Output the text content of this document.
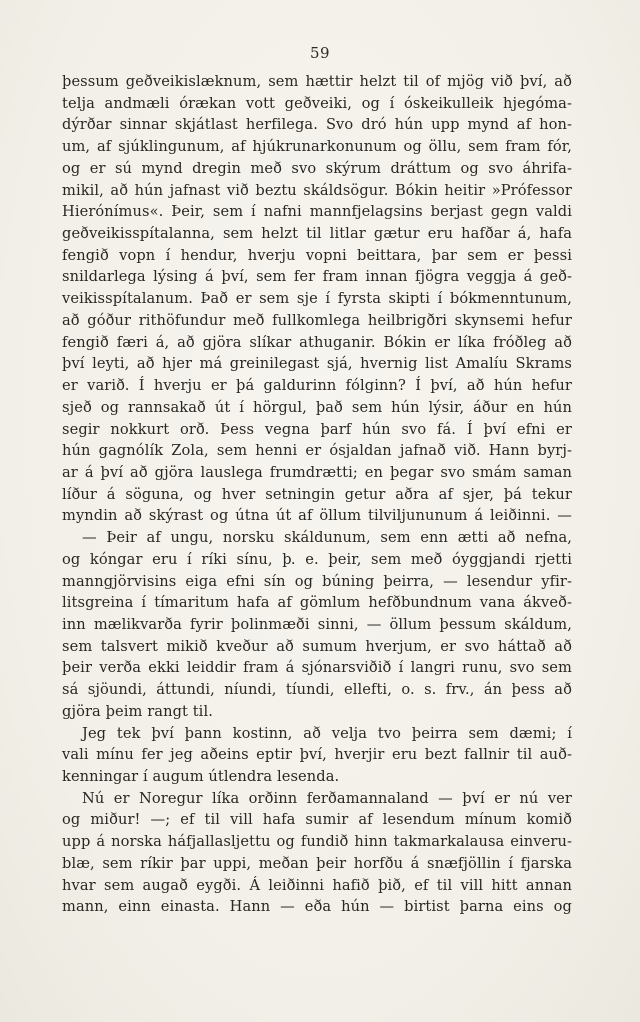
59
þessum geðveikislæknum, sem hættir helzt til of mjög við því, að
telja andmæli órækan vott geðveiki, og í óskeikulleik hjegóma-
dýrðar sinnar skjátlast herfilega. Svo dró hún upp mynd af hon-
um, af sjúklingunum, af hjúkrunarkonunum og öllu, sem fram fór,
og er sú mynd dregin með svo skýrum dráttum og svo áhrifa-
mikil, að hún jafnast við beztu skáldsögur. Bókin heitir »Prófessor
Hierónímus«. Þeir, sem í nafni mannfjelagsins berjast gegn valdi
geðveikisspítalanna, sem helzt til litlar gætur eru hafðar á, hafa
fengið vopn í hendur, hverju vopni beittara, þar sem er þessi
snildarlega lýsing á því, sem fer fram innan fjögra veggja á geð-
veikisspítalanum. Það er sem sje í fyrsta skipti í bókmenntunum,
að góður rithöfundur með fullkomlega heilbrigðri skynsemi hefur
fengið færi á, að gjöra slíkar athuganir. Bókin er líka fróðleg að
því leyti, að hjer má greinilegast sjá, hvernig list Amalíu Skrams
er varið. Í hverju er þá galdurinn fólginn? Í því, að hún hefur
sjeð og rannsakað út í hörgul, það sem hún lýsir, áður en hún
segir nokkurt orð. Þess vegna þarf hún svo fá. Í því efni er
hún gagnólík Zola, sem henni er ósjaldan jafnað við. Hann byrj-
ar á því að gjöra lauslega frumdrætti; en þegar svo smám saman
líður á söguna, og hver setningin getur aðra af sjer, þá tekur
myndin að skýrast og útna út af öllum tilviljununum á leiðinni. —
— Þeir af ungu, norsku skáldunum, sem enn ætti að nefna,
og kóngar eru í ríki sínu, þ. e. þeir, sem með óyggjandi rjetti
manngjörvisins eiga efni sín og búning þeirra, — lesendur yfir-
litsgreina í tímaritum hafa af gömlum hefðbundnum vana ákveð-
inn mælikvarða fyrir þolinmæði sinni, — öllum þessum skáldum,
sem talsvert mikið kveður að sumum hverjum, er svo háttað að
þeir verða ekki leiddir fram á sjónarsviðið í langri runu, svo sem
sá sjöundi, áttundi, níundi, tíundi, ellefti, o. s. frv., án þess að
gjöra þeim rangt til.
Jeg tek því þann kostinn, að velja tvo þeirra sem dæmi; í
vali mínu fer jeg aðeins eptir því, hverjir eru bezt fallnir til auð-
kenningar í augum útlendra lesenda.
Nú er Noregur líka orðinn ferðamannaland — því er nú ver
og miður! —; ef til vill hafa sumir af lesendum mínum komið
upp á norska háfjallasljettu og fundið hinn takmarkalausa einveru-
blæ, sem ríkir þar uppi, meðan þeir horfðu á snæfjöllin í fjarska
hvar sem augað eygði. Á leiðinni hafið þið, ef til vill hitt annan
mann, einn einasta. Hann — eða hún — birtist þarna eins og
